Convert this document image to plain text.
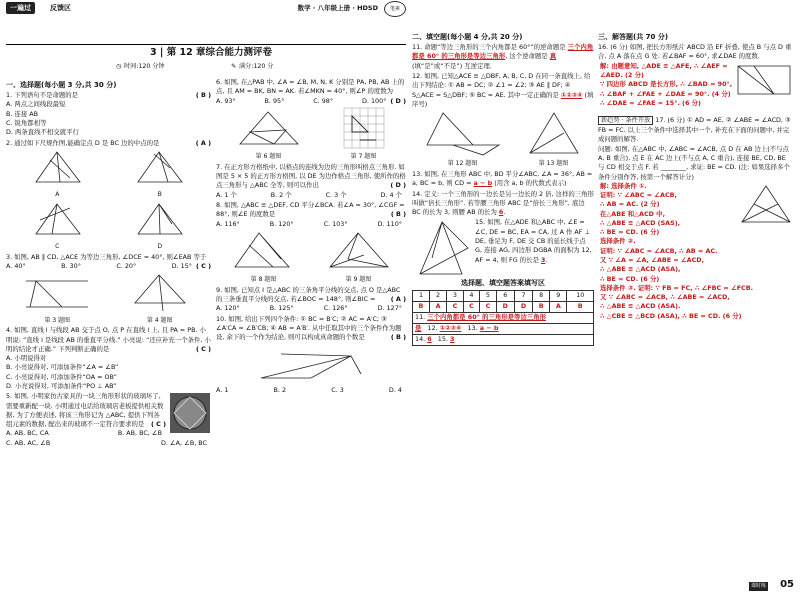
一遍过	反馈区	数学 · 八年级上册 · HDSD	笔素
3 | 第 12 章综合能力测评卷
◷ 时间:120 分钟	✎ 满分:120 分
一、选择题(每小题 3 分,共 30 分)
1. 下列语句不是命题的是	( B )
A. 两点之间线段最短
B. 连接 AB
C. 锐角都相等
D. 两条直线不相交就平行
2. 通过如下尺规作图,能确定点 D 是 BC 边的中点的是	( A )
A	B
C	D
3. 如图, AB ∥ CD, △ACE 为等边三角形, ∠DCE = 40°, 则∠EAB 等于
( C )
A. 40°	B. 30°	C. 20°	D. 15°
第 3 题图	第 4 题图
4. 如图, 直线 l 与线段 AB 交于点 O, 点 P 在直线 l 上, 且 PA = PB. 小明说: “直线 l 是线段 AB 的垂直平分线.” 小亮说: “还应补充一个条件, 小明的结论才正确.” 下列判断正确的是	( C )
A. 小明说得对
B. 小亮说得对, 可添加条件“∠A = ∠B”
C. 小亮说得对, 可添加条件“OA = OB”
D. 小亮说得对, 可添加条件“PO ⊥ AB”
5. 如图, 小明家仿古家具的一块三角形形状的玻璃坏了, 需要重新配一块. 小明通过电话给玻璃店老板提供相关数据, 为了方便表述, 将该三角形记为 △ABC, 提供下列各组元素的数据, 配出来的玻璃不一定符合要求的是 ( C )
A. AB, BC, CA	B. AB, BC, ∠B
C. AB, AC, ∠B	D. ∠A, ∠B, BC
6. 如图, 在△PAB 中, ∠A = ∠B, M, N, K 分别是 PA, PB, AB 上的点, 且 AM = BK, BN = AK. 若∠MKN = 40°, 则∠P 的度数为
( D )
A. 93°	B. 95°	C. 98°	D. 100°
第 6 题图	第 7 题图
7. 在正方形方格纸中, 以格点的连线为边的三角形叫格点三角形. 如图是 5 × 5 的正方形方格图, 以 DE 为边作格点三角形, 使所作的格点三角形与 △ABC 全等, 则可以作出	( D )
A. 1 个	B. 2 个	C. 3 个	D. 4 个
8. 如图, △ABC ≌ △DEF, CD 平分∠BCA. 若∠A = 30°, ∠CGF = 88°, 则∠E 的度数是	( B )
A. 116°	B. 120°	C. 103°	D. 110°
第 8 题图	第 9 题图
9. 如图, 已知点 I 是△ABC 的三条角平分线的交点, 点 O 是△ABC 的三条垂直平分线的交点, 若∠BOC = 148°, 则∠BIC = ( A )
A. 120°	B. 125°	C. 126°	D. 127°
10. 如图, 给出下列四个条件: ① BC = B′C; ② AC = A′C; ③ ∠A′CA = ∠B′CB; ④ AB = A′B′. 从中任取其中的三个条件作为题设, 余下的一个作为结论, 则可以构成真命题的个数是	( B )
A. 1	B. 2	C. 3	D. 4
二、填空题(每小题 4 分,共 20 分)
11. 命题“等边三角形的三个内角都是 60°”的逆命题是 三个内角都是 60° 的三角形是等边三角形, 这个逆命题是 真(填“是”或“不是”) 互逆定理.
12. 如图, 已知△ACE ≌ △DBF, A, B, C, D 在同一条直线上, 给出下列结论: ① AB = DC; ② ∠1 = ∠2; ③ AE ∥ DF; ④ S△ACE = S△DBF; ⑤ BC = AE. 其中一定正确的是 ①②③④ (填序号)
第 12 题图	第 13 题图
13. 如图, 在三角形 ABC 中, BD 平分∠ABC, ∠A = 36°, AB = a, BC = b, 则 CD = a − b (用含 a, b 的代数式表示)
14. 定义: 一个三角形的一边长是另一边长的 2 倍, 这样的三角形叫做“倍长三角形”. 若等腰三角形 ABC 是“倍长三角形”, 底边 BC 的长为 3, 则腰 AB 的长为 6.
15. 如图, 在△ADE 和△ABC 中, ∠E = ∠C, DE = BC, EA = CA, 过 A 作 AF ⊥ DE, 垂足为 F, DE 交 CB 的延长线于点 G, 连接 AG, 四边形 DGBA 的面积为 12, AF = 4, 则 FG 的长是 3.
选择题、填空题答案填写区
1	2	3	4	5	6	7	8	9	10
B	A	C	C	C	D	D	B	A	B
11. 三个内角都是 60° 的三角形是等边三角形									
是 12. ①②③④ 13. a − b									
14. 6 15. 3									
三、解答题(共 70 分)
16. (6 分) 如图, 把长方形纸片 ABCD 沿 EF 折叠, 使点 B 与点 D 重合, 点 A 落在点 G 处. 若∠BAF = 60°, 求∠DAE 的度数.
解: 由题意知, △ADE ≌ △AFE, ∴ ∠AEF = ∠AED. (2 分)
∵ 四边形 ABCD 是长方形, ∴ ∠BAD = 90°,
∴ ∠BAF + ∠FAE + ∠DAE = 90°. (4 分)
∴ ∠DAE = ∠FAE = 15°. (6 分)
新趋势 · 条件开放 17. (6 分) ① AD = AE, ② ∠ABE = ∠ACD, ③ FB = FC. 以上三个条件中选择其中一个, 补充在下面的问题中, 并完成问题的解答.
问题: 如图, 在△ABC 中, ∠ABC = ∠ACB, 点 D 在 AB 边上(不与点 A, B 重合), 点 E 在 AC 边上(不与点 A, C 重合), 连接 BE, CD, BE 与 CD 相交于点 F. 若 ________, 求证: BE = CD. (注: 如果选择多个条件分别作答, 按第一个解答计分)
解: 选择条件 ①.
证明: ∵ ∠ABC = ∠ACB,
∴ AB = AC. (2 分)
在△ABE 和△ACD 中,
∴ △ABE ≌ △ACD (SAS),
∴ BE = CD. (6 分)
选择条件 ②.
证明: ∵ ∠ABC = ∠ACB, ∴ AB = AC.
又 ∵ ∠A = ∠A, ∠ABE = ∠ACD,
∴ △ABE ≌ △ACD (ASA),
∴ BE = CD. (6 分)
选择条件 ③. 证明: ∵ FB = FC, ∴ ∠FBC = ∠FCB.
又 ∵ ∠ABC = ∠ACB, ∴ ∠ABE = ∠ACD,
∴ △ABE ≌ △ACD (ASA).
∴ △CBE ≌ △BCD (ASA), ∴ BE = CD. (6 分)
课时练 05
